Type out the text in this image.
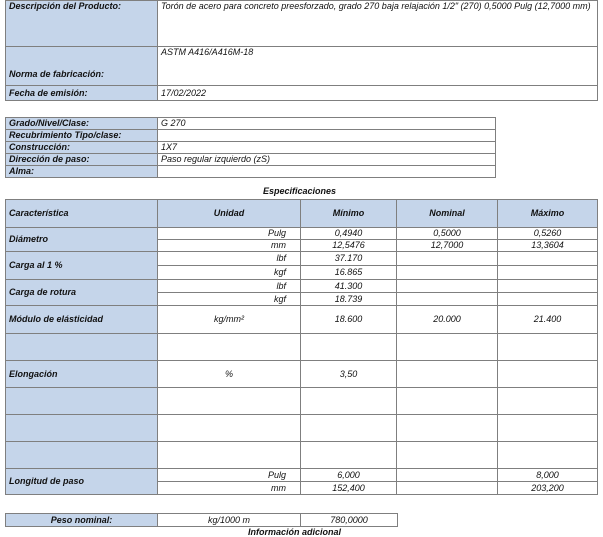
Descripción del Producto:	Torón de acero para concreto preesforzado, grado 270 baja relajación 1/2" (270) 0,5000 Pulg (12,7000 mm)
Norma de fabricación:	ASTM A416/A416M-18
Fecha de emisión:	17/02/2022
Grado/Nivel/Clase:	G 270
Recubrimiento Tipo/clase:	
Construcción:	1X7
Dirección de paso:	Paso regular izquierdo (zS)
Alma:	
Especificaciones
Característica	Unidad	Mínimo	Nominal	Máximo
Diámetro	Pulg	0,4940	0,5000	0,5260
	mm	12,5476	12,7000	13,3604
Carga al 1 %	lbf	37.170		
	kgf	16.865		
Carga de rotura	lbf	41.300		
	kgf	18.739		
Módulo de elásticidad	kg/mm²	18.600	20.000	21.400

Elongación	%	3,50		

Longitud de paso	Pulg	6,000		8,000
	mm	152,400		203,200
Peso nominal:	kg/1000 m	780,0000
Información adicional
